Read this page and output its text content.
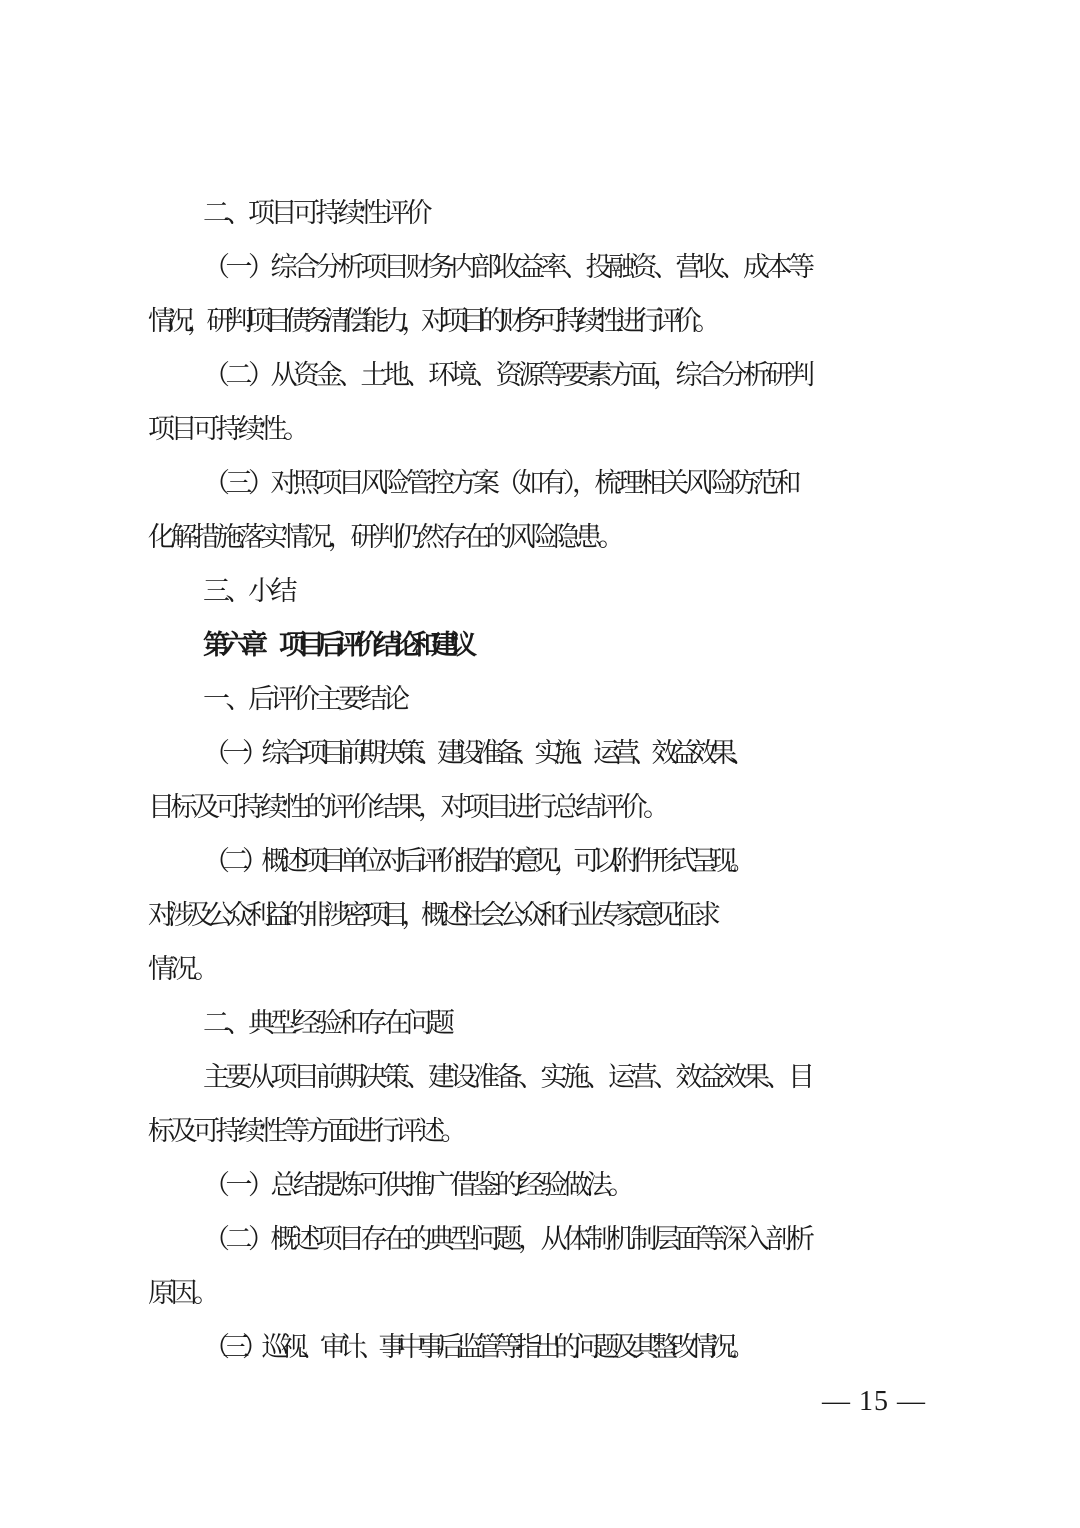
二、项目可持续性评价
（一）综合分析项目财务内部收益率、投融资、营收、成本等
情况，研判项目债务清偿能力，对项目的财务可持续性进行评价。
（二）从资金、土地、环境、资源等要素方面，综合分析研判
项目可持续性。
（三）对照项目风险管控方案（如有），梳理相关风险防范和
化解措施落实情况，研判仍然存在的风险隐患。
三、小结
第六章　项目后评价结论和建议
一、后评价主要结论
（一）综合项目前期决策、建设准备、实施、运营、效益效果、
目标及可持续性的评价结果，对项目进行总结评价。
（二）概述项目单位对后评价报告的意见，可以附件形式呈现。
对涉及公众利益的非涉密项目，概述社会公众和行业专家意见征求
情况。
二、典型经验和存在问题
主要从项目前期决策、建设准备、实施、运营、效益效果、目
标及可持续性等方面进行评述。
（一）总结提炼可供推广借鉴的经验做法。
（二）概述项目存在的典型问题，从体制机制层面等深入剖析
原因。
（三）巡视、审计、事中事后监管等指出的问题及其整改情况。
— 15 —
